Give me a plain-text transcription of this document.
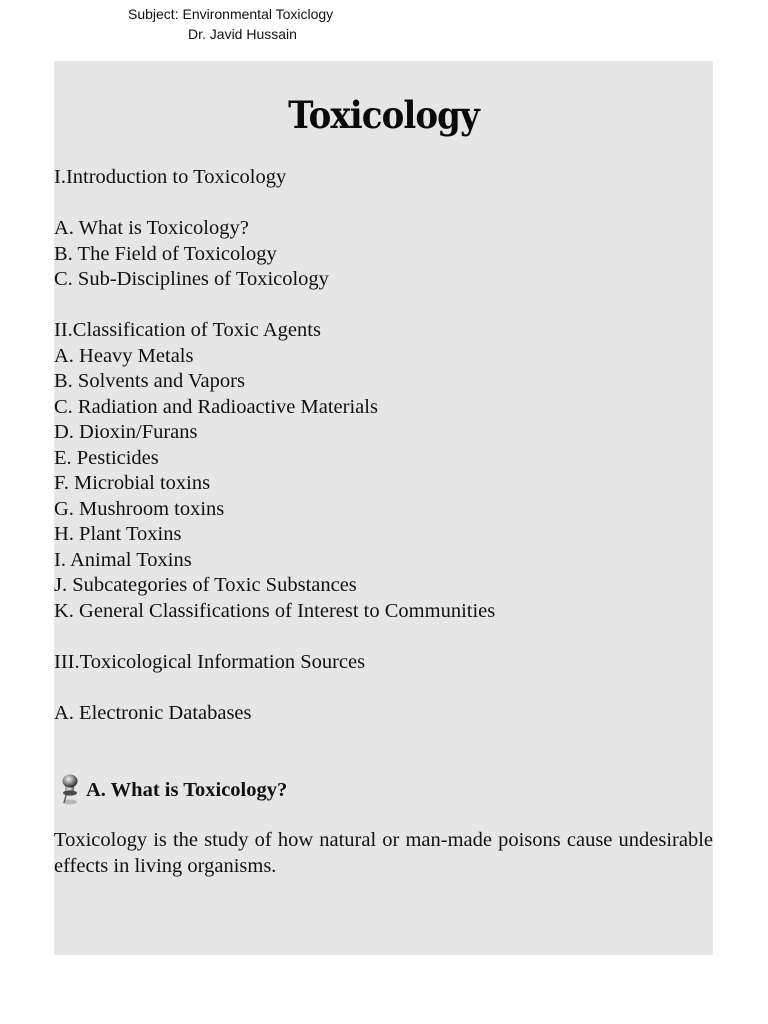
Subject: Environmental Toxiclogy
Dr. Javid Hussain
Toxicology
I.Introduction to Toxicology
A. What is Toxicology?
B. The Field of Toxicology
C. Sub-Disciplines of Toxicology
II.Classification of Toxic Agents
A. Heavy Metals
B. Solvents and Vapors
C. Radiation and Radioactive Materials
D. Dioxin/Furans
E. Pesticides
F. Microbial toxins
G. Mushroom toxins
H. Plant Toxins
I. Animal Toxins
J. Subcategories of Toxic Substances
K. General Classifications of Interest to Communities
III.Toxicological Information Sources
A. Electronic Databases
A. What is Toxicology?
Toxicology is the study of how natural or man-made poisons cause undesirable effects in living organisms.
